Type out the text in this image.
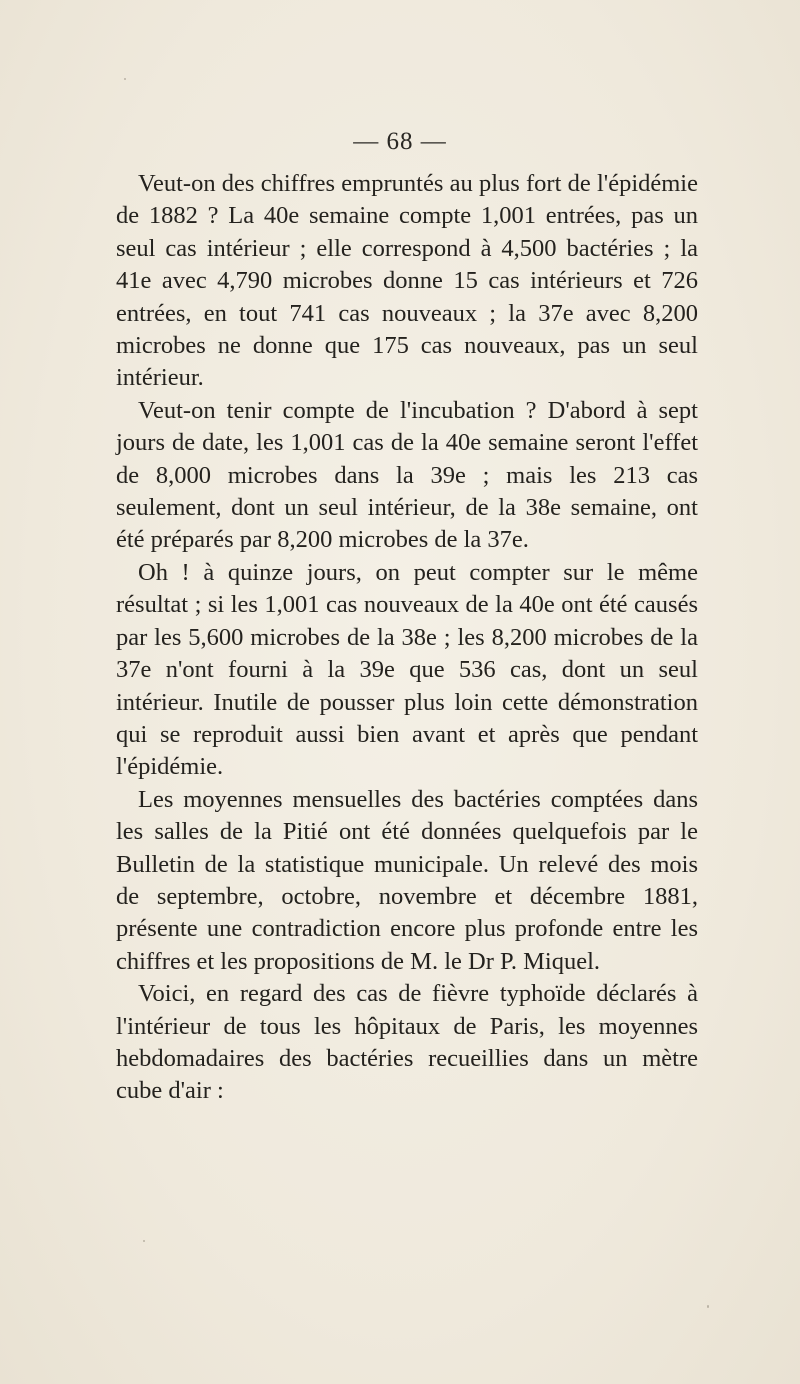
— 68 —

Veut-on des chiffres empruntés au plus fort de l'épidémie de 1882 ? La 40e semaine compte 1,001 entrées, pas un seul cas intérieur ; elle correspond à 4,500 bactéries ; la 41e avec 4,790 microbes donne 15 cas intérieurs et 726 entrées, en tout 741 cas nouveaux ; la 37e avec 8,200 microbes ne donne que 175 cas nouveaux, pas un seul intérieur.

Veut-on tenir compte de l'incubation ? D'abord à sept jours de date, les 1,001 cas de la 40e semaine seront l'effet de 8,000 microbes dans la 39e ; mais les 213 cas seulement, dont un seul intérieur, de la 38e semaine, ont été préparés par 8,200 microbes de la 37e.

Oh ! à quinze jours, on peut compter sur le même résultat ; si les 1,001 cas nouveaux de la 40e ont été causés par les 5,600 microbes de la 38e ; les 8,200 microbes de la 37e n'ont fourni à la 39e que 536 cas, dont un seul intérieur. Inutile de pousser plus loin cette démonstration qui se reproduit aussi bien avant et après que pendant l'épidémie.

Les moyennes mensuelles des bactéries comptées dans les salles de la Pitié ont été données quelquefois par le Bulletin de la statistique municipale. Un relevé des mois de septembre, octobre, novembre et décembre 1881, présente une contradiction encore plus profonde entre les chiffres et les propositions de M. le Dr P. Miquel.

Voici, en regard des cas de fièvre typhoïde déclarés à l'intérieur de tous les hôpitaux de Paris, les moyennes hebdomadaires des bactéries recueillies dans un mètre cube d'air :
